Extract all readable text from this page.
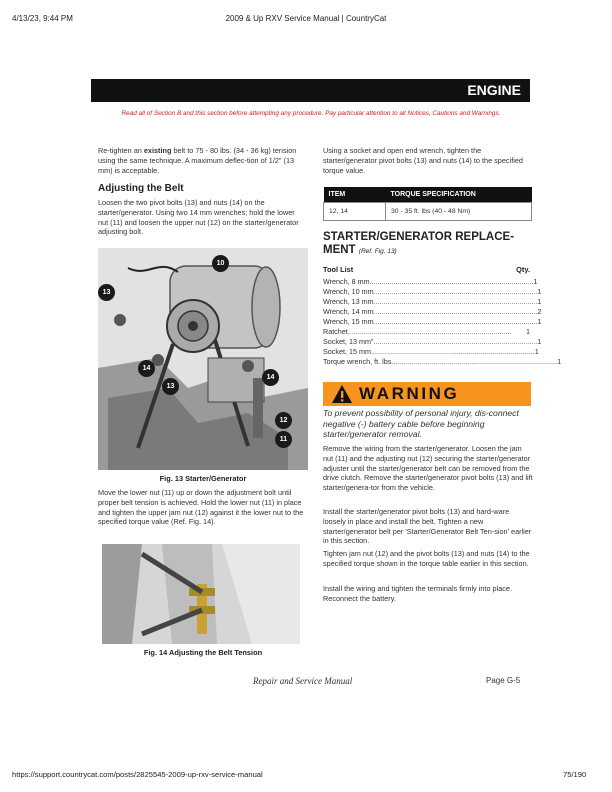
4/13/23, 9:44 PM	2009 & Up RXV Service Manual | CountryCat
ENGINE
Read all of Section B and this section before attempting any procedure. Pay particular attention to all Notices, Cautions and Warnings.
Re-tighten an existing belt to 75 - 80 lbs. (34 - 36 kg) tension using the same technique. A maximum deflec-tion of 1/2" (13 mm) is acceptable.
Adjusting the Belt
Loosen the two pivot bolts (13) and nuts (14) on the starter/generator. Using two 14 mm wrenches; hold the lower nut (11) and loosen the upper nut (12) on the starter/generator adjusting bolt.
10
13
14
13
14
12
11
Fig. 13 Starter/Generator
Move the lower nut (11) up or down the adjustment bolt until proper belt tension is achieved. Hold the lower nut (11) in place and tighten the upper jam nut (12) against it the lower nut to the specified torque value (Ref. Fig. 14).
Fig. 14 Adjusting the Belt Tension
Using a socket and open end wrench, tighten the starter/generator pivot bolts (13) and nuts (14) to the specified torque value.
ITEM	TORQUE SPECIFICATION
12, 14	30 - 35 ft. lbs (40 - 48 Nm)
STARTER/GENERATOR REPLACE-
MENT (Ref. Fig. 13)
Tool List	Qty.
Wrench, 8 mm .................................................................................. 1
Wrench, 10 mm .................................................................................. 1
Wrench, 13 mm .................................................................................. 1
Wrench, 14 mm .................................................................................. 2
Wrench, 15 mm .................................................................................. 1
Ratchet ..................................................................................	1
Socket, 13 mm" .................................................................................. 1
Socket, 15 mm .................................................................................. 1
Torque wrench, ft. lbs. .................................................................................. 1
WARNING
To prevent possibility of personal injury, dis-connect negative (-) battery cable before beginning starter/generator removal.
Remove the wiring from the starter/generator. Loosen the jam nut (11) and the adjusting nut (12) securing the starter/generator adjuster until the starter/generator belt can be removed from the drive clutch. Remove the starter/generator pivot bolts (13) and lift starter/genera-tor from the vehicle.
Install the starter/generator pivot bolts (13) and hard-ware loosely in place and install the belt. Tighten a new starter/generator belt per 'Starter/Generator Belt Ten-sion' earlier in this section.
Tighten jam nut (12) and the pivot bolts (13) and nuts (14) to the specified torque shown in the torque table earlier in this section.
Install the wiring and tighten the terminals firmly into place. Reconnect the battery.
Repair and Service Manual	Page G-5
https://support.countrycat.com/posts/2825545-2009-up-rxv-service-manual	75/190
